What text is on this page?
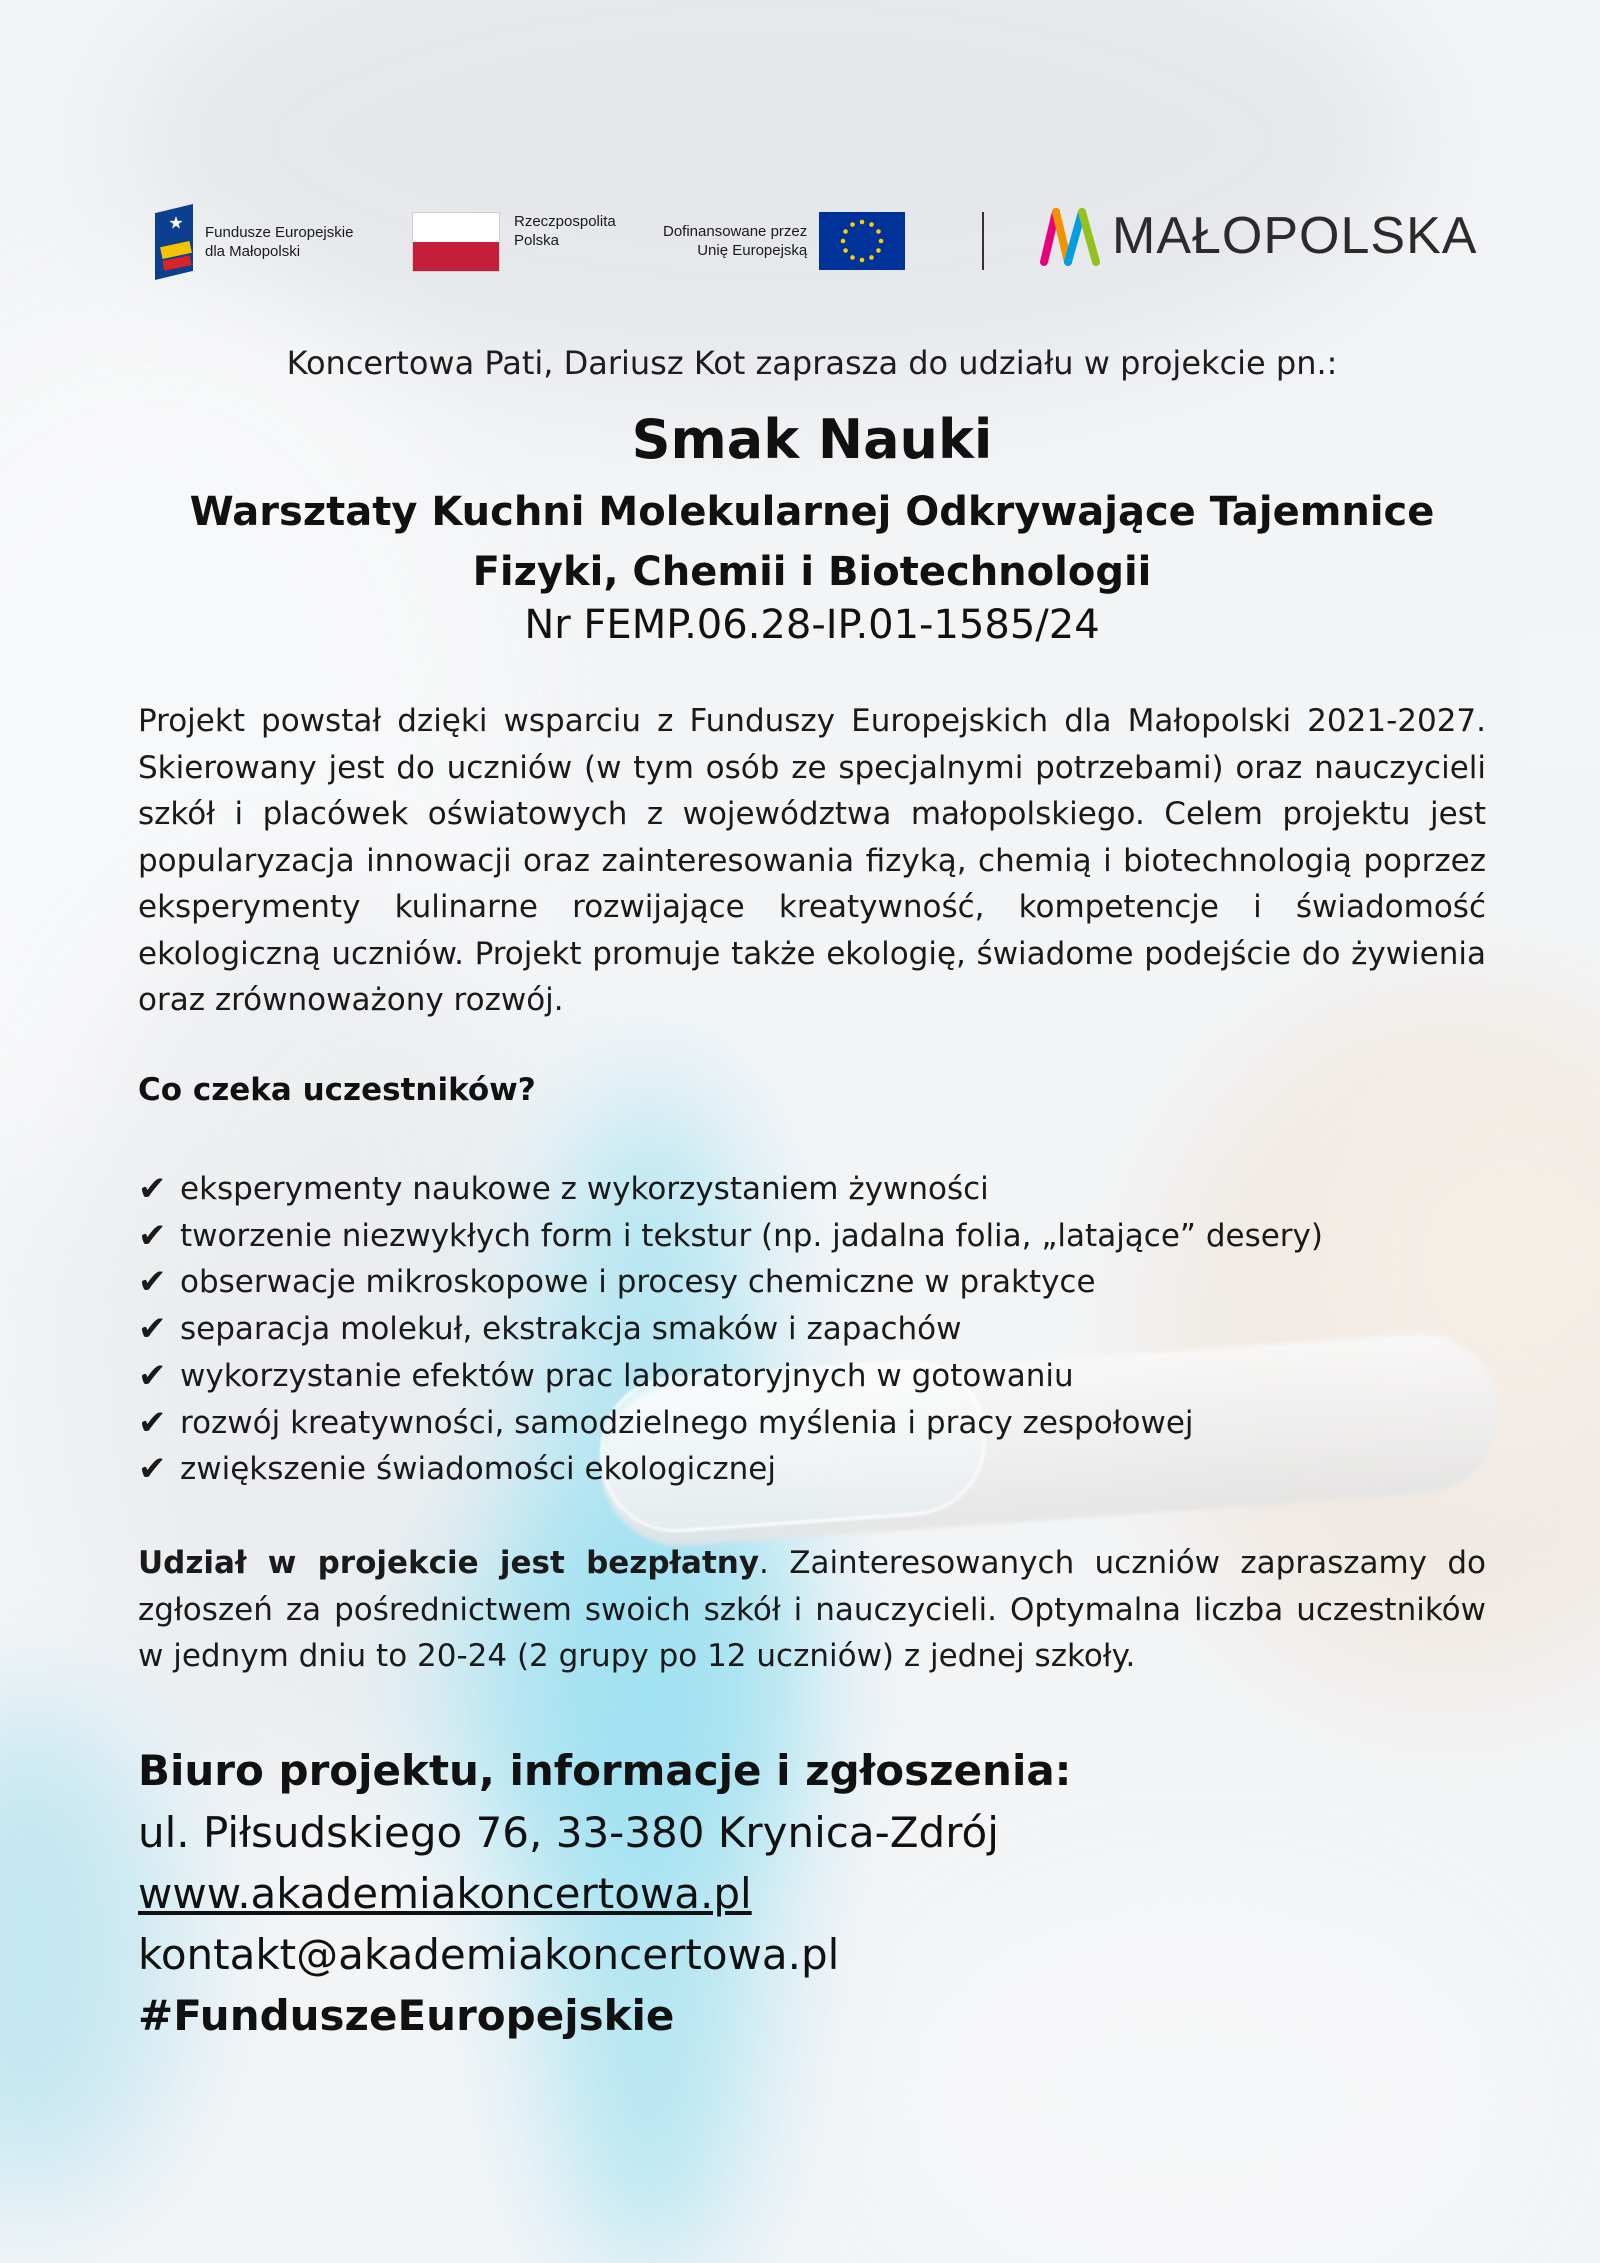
Fundusze Europejskie
dla Małopolski
Rzeczpospolita
Polska
Dofinansowane przez
Unię Europejską	MAŁOPOLSKA

Koncertowa Pati, Dariusz Kot zaprasza do udziału w projekcie pn.:

Smak Nauki
Warsztaty Kuchni Molekularnej Odkrywające Tajemnice
Fizyki, Chemii i Biotechnologii

Nr FEMP.06.28-IP.01-1585/24

Projekt powstał dzięki wsparciu z Funduszy Europejskich dla Małopolski 2021-2027. Skierowany jest do uczniów (w tym osób ze specjalnymi potrzebami) oraz nauczycieli szkół i placówek oświatowych z województwa małopolskiego. Celem projektu jest popularyzacja innowacji oraz zainteresowania fizyką, chemią i biotechnologią poprzez eksperymenty kulinarne rozwijające kreatywność, kompetencje i świadomość ekologiczną uczniów. Projekt promuje także ekologię, świadome podejście do żywienia oraz zrównoważony rozwój.

Co czeka uczestników?
✔ eksperymenty naukowe z wykorzystaniem żywności
✔ tworzenie niezwykłych form i tekstur (np. jadalna folia, „latające” desery)
✔ obserwacje mikroskopowe i procesy chemiczne w praktyce
✔ separacja molekuł, ekstrakcja smaków i zapachów
✔ wykorzystanie efektów prac laboratoryjnych w gotowaniu
✔ rozwój kreatywności, samodzielnego myślenia i pracy zespołowej
✔ zwiększenie świadomości ekologicznej

Udział w projekcie jest bezpłatny. Zainteresowanych uczniów zapraszamy do zgłoszeń za pośrednictwem swoich szkół i nauczycieli. Optymalna liczba uczestników w jednym dniu to 20-24 (2 grupy po 12 uczniów) z jednej szkoły.

Biuro projektu, informacje i zgłoszenia:
ul. Piłsudskiego 76, 33-380 Krynica-Zdrój
www.akademiakoncertowa.pl
kontakt@akademiakoncertowa.pl
#FunduszeEuropejskie
